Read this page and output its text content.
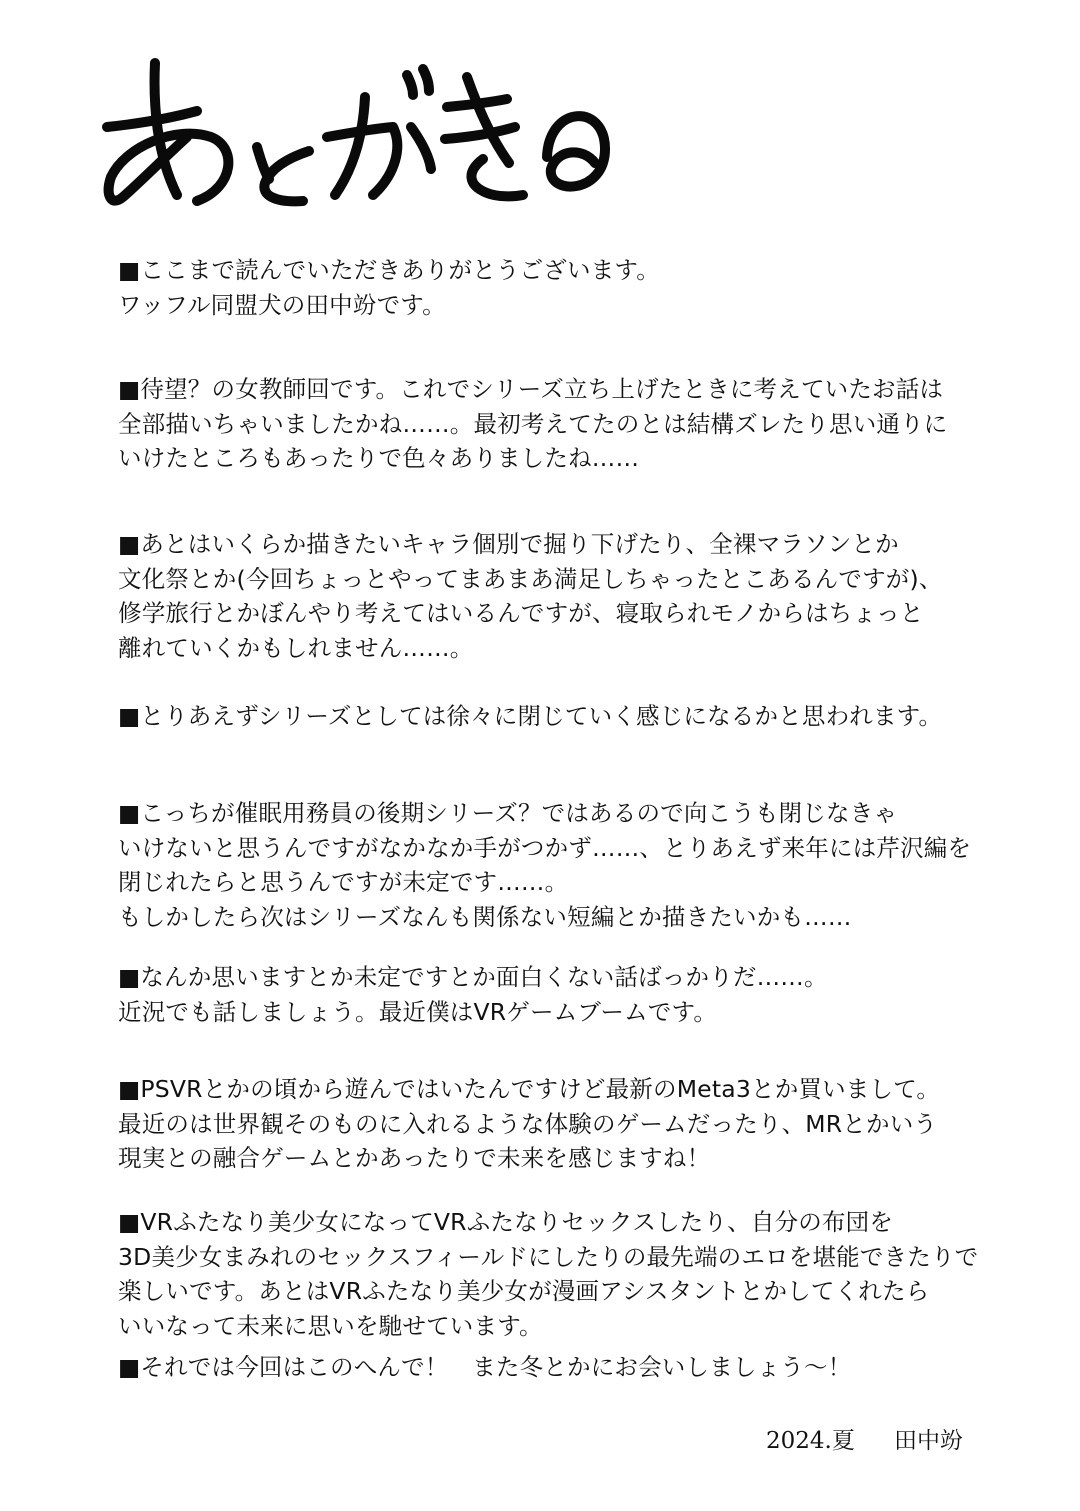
■ここまで読んでいただきありがとうございます。
ワッフル同盟犬の田中竕です。

■待望？の女教師回です。これでシリーズ立ち上げたときに考えていたお話は
全部描いちゃいましたかね……。最初考えてたのとは結構ズレたり思い通りに
いけたところもあったりで色々ありましたね……

■あとはいくらか描きたいキャラ個別で掘り下げたり、全裸マラソンとか
文化祭とか(今回ちょっとやってまあまあ満足しちゃったとこあるんですが)、
修学旅行とかぼんやり考えてはいるんですが、寝取られモノからはちょっと
離れていくかもしれません……。

■とりあえずシリーズとしては徐々に閉じていく感じになるかと思われます。

■こっちが催眠用務員の後期シリーズ？ではあるので向こうも閉じなきゃ
いけないと思うんですがなかなか手がつかず……、とりあえず来年には芹沢編を
閉じれたらと思うんですが未定です……。
もしかしたら次はシリーズなんも関係ない短編とか描きたいかも……

■なんか思いますとか未定ですとか面白くない話ばっかりだ……。
近況でも話しましょう。最近僕はVRゲームブームです。

■PSVRとかの頃から遊んではいたんですけど最新のMeta3とか買いまして。
最近のは世界観そのものに入れるような体験のゲームだったり、MRとかいう
現実との融合ゲームとかあったりで未来を感じますね！

■VRふたなり美少女になってVRふたなりセックスしたり、自分の布団を
3D美少女まみれのセックスフィールドにしたりの最先端のエロを堪能できたりで
楽しいです。あとはVRふたなり美少女が漫画アシスタントとかしてくれたら
いいなって未来に思いを馳せています。

■それでは今回はこのへんで！　また冬とかにお会いしましょう～！

2024.夏 田中竕
